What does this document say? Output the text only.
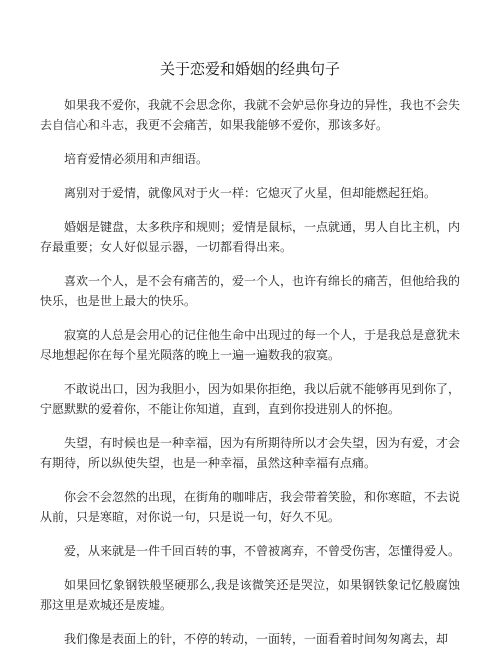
关于恋爱和婚姻的经典句子

如果我不爱你，我就不会思念你，我就不会妒忌你身边的异性，我也不会失去自信心和斗志，我更不会痛苦，如果我能够不爱你，那该多好。

培育爱情必须用和声细语。

离别对于爱情，就像风对于火一样：它熄灭了火星，但却能燃起狂焰。

婚姻是键盘，太多秩序和规则；爱情是鼠标，一点就通，男人自比主机，内存最重要；女人好似显示器，一切都看得出来。

喜欢一个人，是不会有痛苦的，爱一个人，也许有绵长的痛苦，但他给我的快乐，也是世上最大的快乐。

寂寞的人总是会用心的记住他生命中出现过的每一个人，于是我总是意犹未尽地想起你在每个星光陨落的晚上一遍一遍数我的寂寞。

不敢说出口，因为我胆小，因为如果你拒绝，我以后就不能够再见到你了，宁愿默默的爱着你，不能让你知道，直到，直到你投进别人的怀抱。

失望，有时候也是一种幸福，因为有所期待所以才会失望，因为有爱，才会有期待，所以纵使失望，也是一种幸福，虽然这种幸福有点痛。

你会不会忽然的出现，在街角的咖啡店，我会带着笑脸，和你寒暄，不去说从前，只是寒暄，对你说一句，只是说一句，好久不见。

爱，从来就是一件千回百转的事，不曾被离弃，不曾受伤害，怎懂得爱人。

如果回忆象钢铁般坚硬那么,我是该微笑还是哭泣，如果钢铁象记忆般腐蚀那这里是欢城还是废墟。

我们像是表面上的针，不停的转动，一面转，一面看着时间匆匆离去，却
